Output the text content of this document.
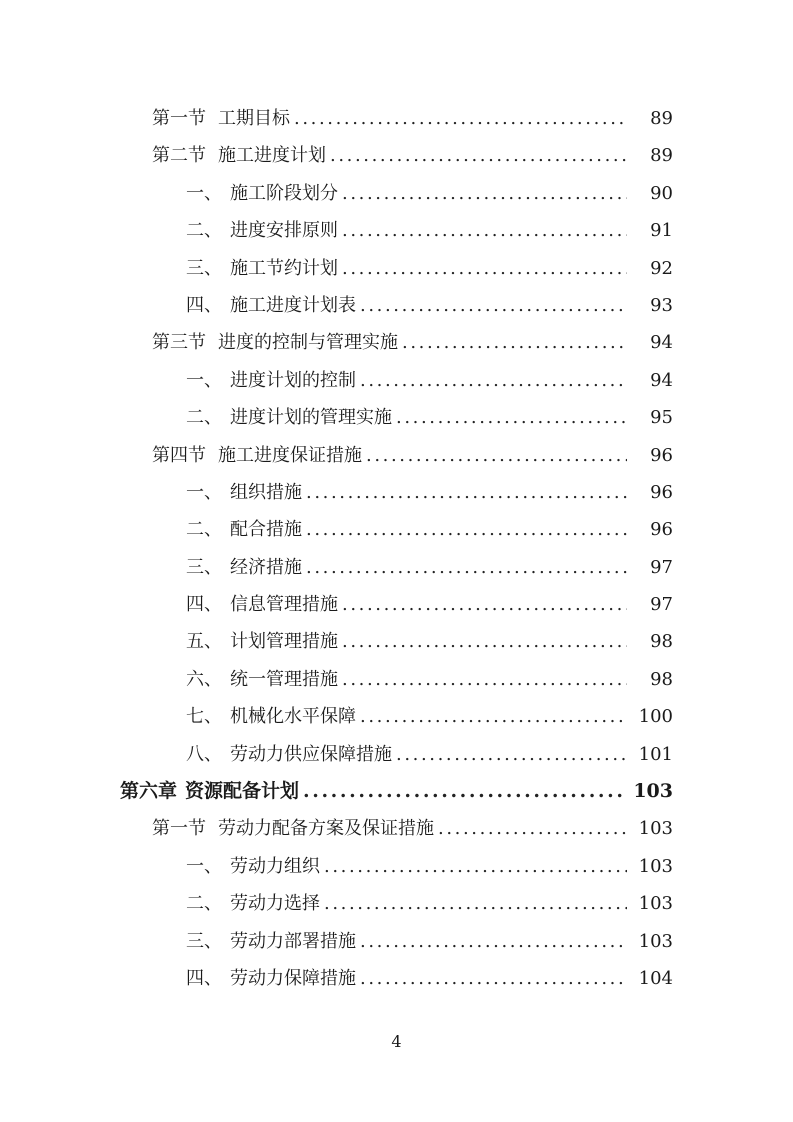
第一节 工期目标 .....	89
第二节 施工进度计划 .....	89
一、 施工阶段划分 .....	90
二、 进度安排原则 .....	91
三、 施工节约计划 .....	92
四、 施工进度计划表 .....	93
第三节 进度的控制与管理实施 .....	94
一、 进度计划的控制 .....	94
二、 进度计划的管理实施 .....	95
第四节 施工进度保证措施 .....	96
一、 组织措施 .....	96
二、 配合措施 .....	96
三、 经济措施 .....	97
四、 信息管理措施 .....	97
五、 计划管理措施 .....	98
六、 统一管理措施 .....	98
七、 机械化水平保障 .....	100
八、 劳动力供应保障措施 .....	101
第六章 资源配备计划 .....	103
第一节 劳动力配备方案及保证措施 .....	103
一、 劳动力组织 .....	103
二、 劳动力选择 .....	103
三、 劳动力部署措施 .....	103
四、 劳动力保障措施 .....	104
4
